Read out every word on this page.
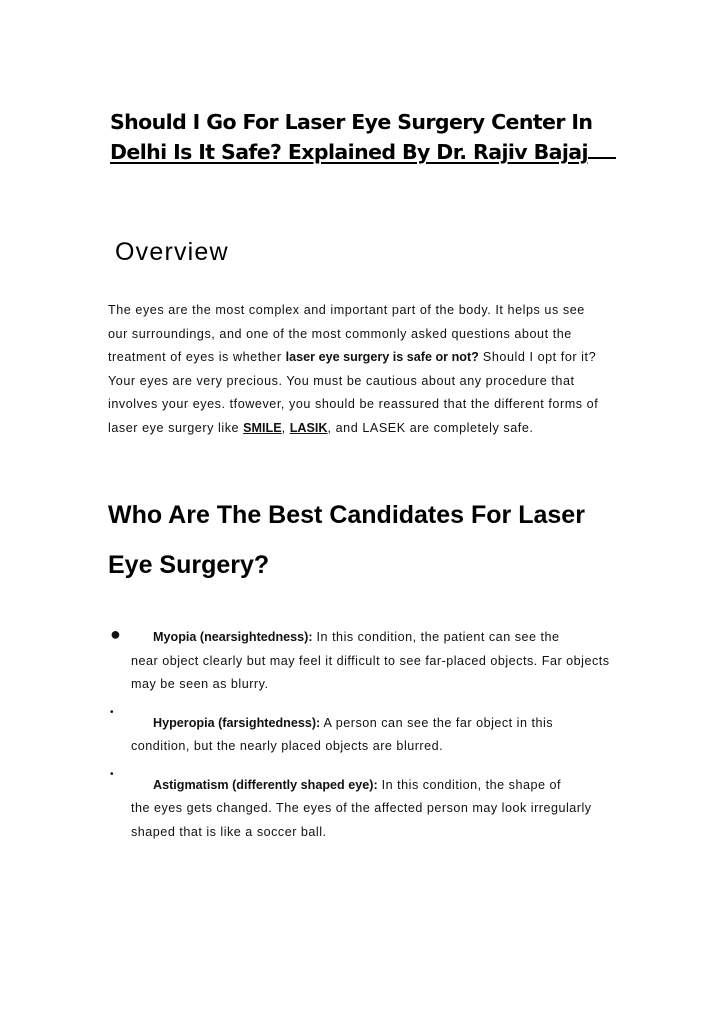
Should I Go For Laser Eye Surgery Center In
Delhi Is It Safe? Explained By Dr. Rajiv Bajaj
Overview
The eyes are the most complex and important part of the body. It helps us see our surroundings, and one of the most commonly asked questions about the treatment of eyes is whether laser eye surgery is safe or not? Should I opt for it? Your eyes are very precious. You must be cautious about any procedure that involves your eyes. tfowever, you should be reassured that the different forms of laser eye surgery like SMILE, LASIK, and LASEK are completely safe.
Who Are The Best Candidates For Laser Eye Surgery?
●	Myopia (nearsightedness): In this condition, the patient can see the
near object clearly but may feel it difficult to see far-placed objects. Far objects may be seen as blurry.
•
Hyperopia (farsightedness): A person can see the far object in this
condition, but the nearly placed objects are blurred.
•
Astigmatism (differently shaped eye): In this condition, the shape of
the eyes gets changed. The eyes of the affected person may look irregularly shaped that is like a soccer ball.
